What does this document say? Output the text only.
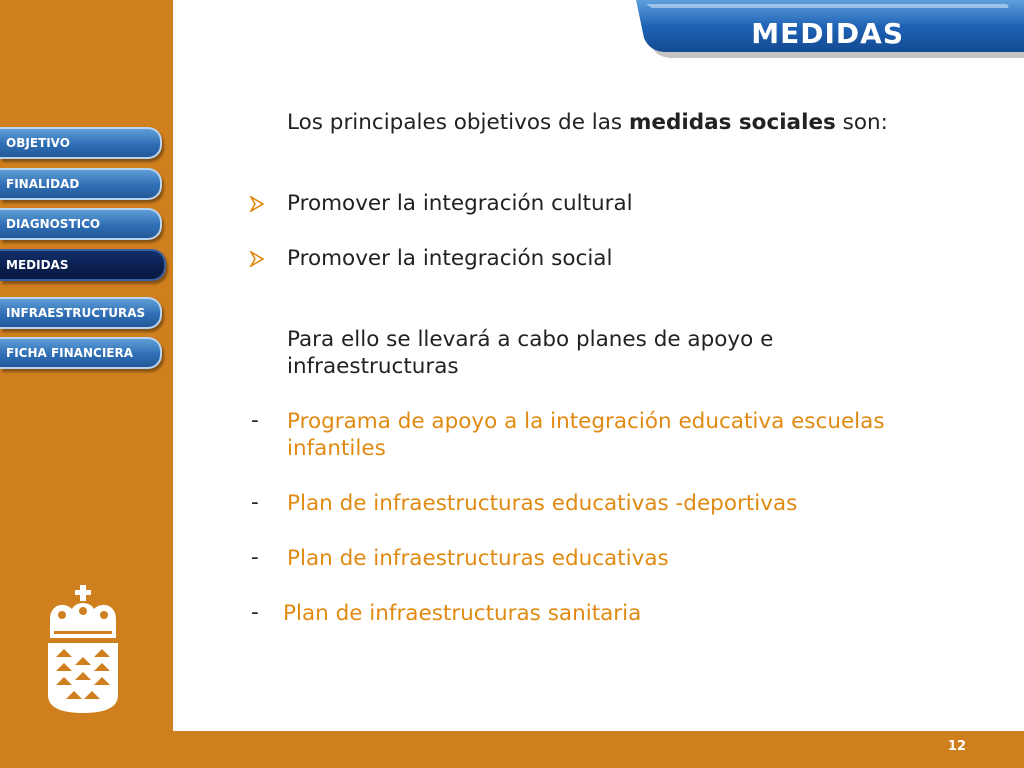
OBJETIVO
FINALIDAD
DIAGNOSTICO
MEDIDAS
INFRAESTRUCTURAS
FICHA FINANCIERA
MEDIDAS
Los principales objetivos de las medidas sociales son:
Promover la integración cultural
Promover la integración social
Para ello se llevará a cabo planes de apoyo e
infraestructuras
- Programa de apoyo a la integración educativa escuelas
infantiles
- Plan de infraestructuras educativas -deportivas
- Plan de infraestructuras educativas
- Plan de infraestructuras sanitaria
12
